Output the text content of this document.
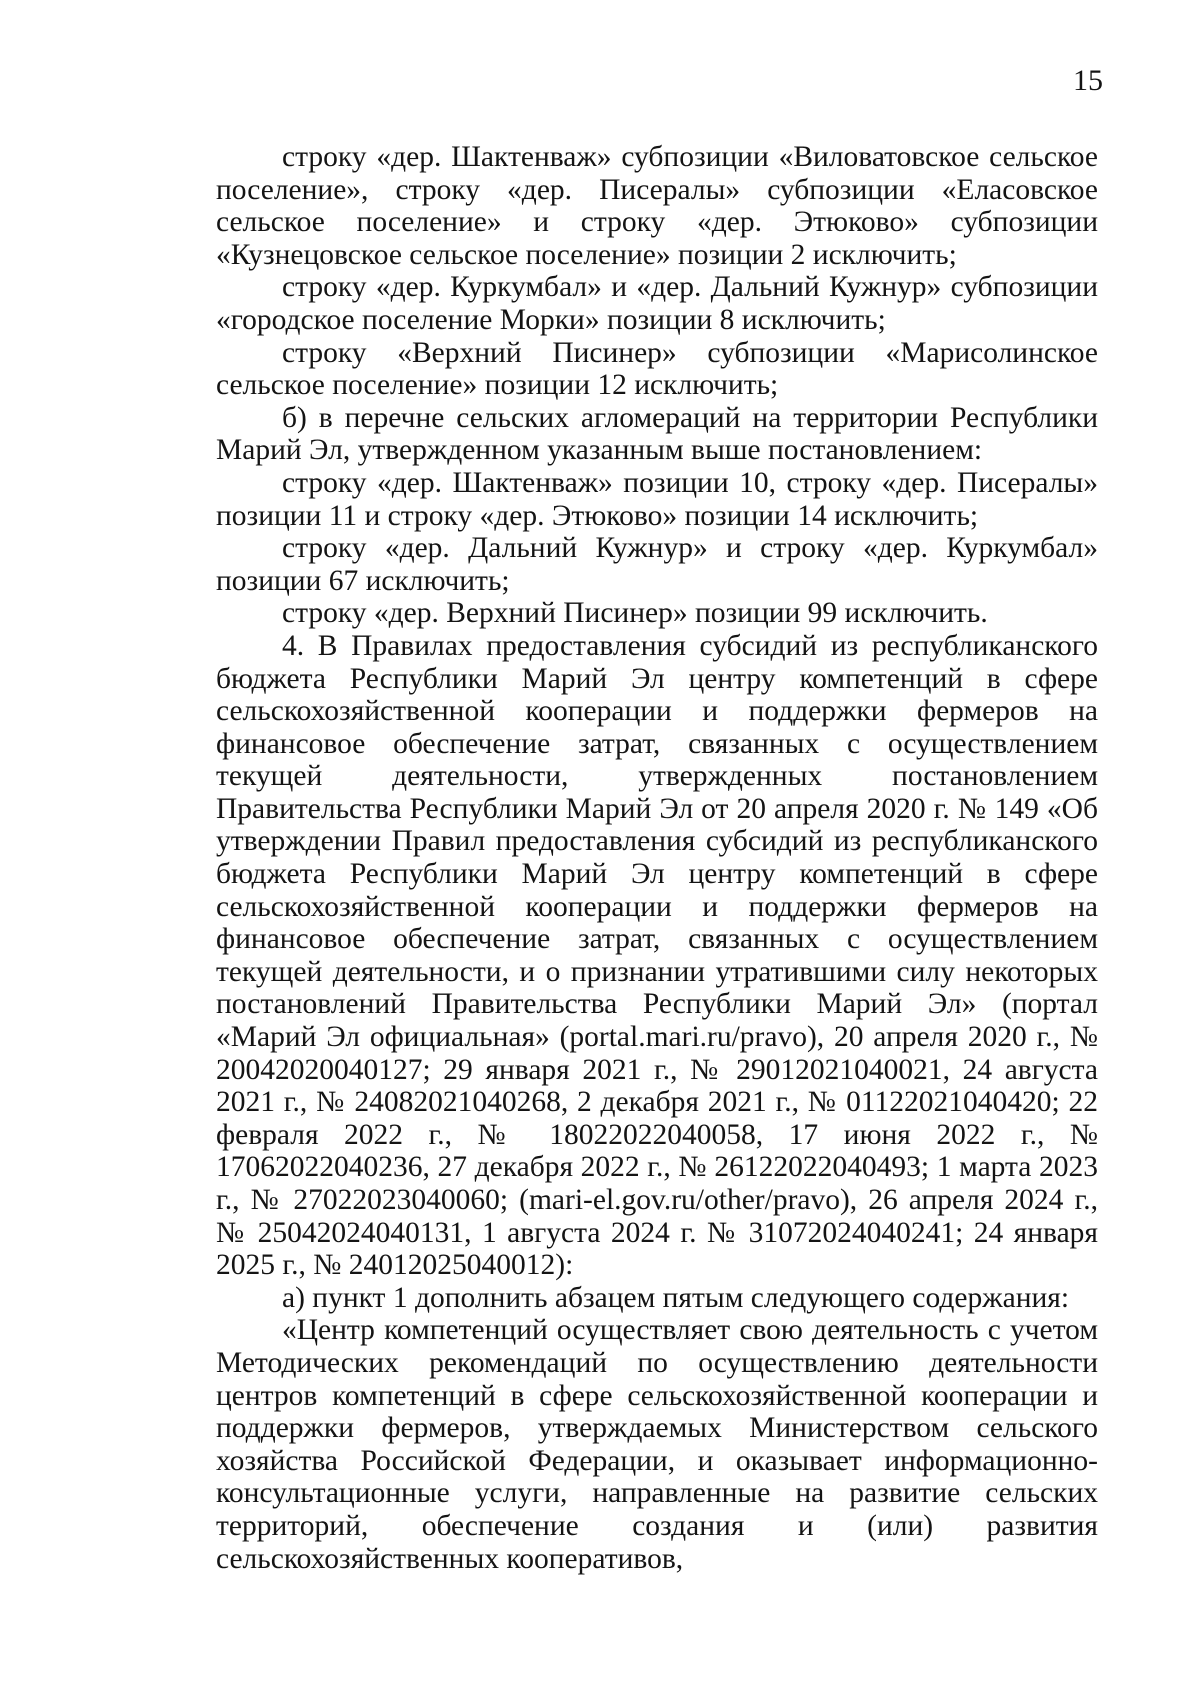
15

строку «дер. Шактенваж» субпозиции «Виловатовское сельское поселение», строку «дер. Писералы» субпозиции «Еласовское сельское поселение» и строку «дер. Этюково» субпозиции «Кузнецовское сельское поселение» позиции 2 исключить;

строку «дер. Куркумбал» и «дер. Дальний Кужнур» субпозиции «городское поселение Морки» позиции 8 исключить;

строку «Верхний Писинер» субпозиции «Марисолинское сельское поселение» позиции 12 исключить;

б) в перечне сельских агломераций на территории Республики Марий Эл, утвержденном указанным выше постановлением:

строку «дер. Шактенваж» позиции 10, строку «дер. Писералы» позиции 11 и строку «дер. Этюково» позиции 14 исключить;

строку «дер. Дальний Кужнур» и строку «дер. Куркумбал» позиции 67 исключить;

строку «дер. Верхний Писинер» позиции 99 исключить.

4. В Правилах предоставления субсидий из республиканского бюджета Республики Марий Эл центру компетенций в сфере сельскохозяйственной кооперации и поддержки фермеров на финансовое обеспечение затрат, связанных с осуществлением текущей деятельности, утвержденных постановлением Правительства Республики Марий Эл от 20 апреля 2020 г. № 149 «Об утверждении Правил предоставления субсидий из республиканского бюджета Республики Марий Эл центру компетенций в сфере сельскохозяйственной кооперации и поддержки фермеров на финансовое обеспечение затрат, связанных с осуществлением текущей деятельности, и о признании утратившими силу некоторых постановлений Правительства Республики Марий Эл» (портал «Марий Эл официальная» (portal.mari.ru/pravo), 20 апреля 2020 г., № 20042020040127; 29 января 2021 г., № 29012021040021, 24 августа 2021 г., № 24082021040268, 2 декабря 2021 г., № 01122021040420; 22 февраля 2022 г., № 18022022040058, 17 июня 2022 г., № 17062022040236, 27 декабря 2022 г., № 26122022040493; 1 марта 2023 г., № 27022023040060; (mari-el.gov.ru/other/pravo), 26 апреля 2024 г., № 25042024040131, 1 августа 2024 г. № 31072024040241; 24 января 2025 г., № 24012025040012):

а) пункт 1 дополнить абзацем пятым следующего содержания:

«Центр компетенций осуществляет свою деятельность с учетом Методических рекомендаций по осуществлению деятельности центров компетенций в сфере сельскохозяйственной кооперации и поддержки фермеров, утверждаемых Министерством сельского хозяйства Российской Федерации, и оказывает информационно-консультационные услуги, направленные на развитие сельских территорий, обеспечение создания и (или) развития сельскохозяйственных кооперативов,
